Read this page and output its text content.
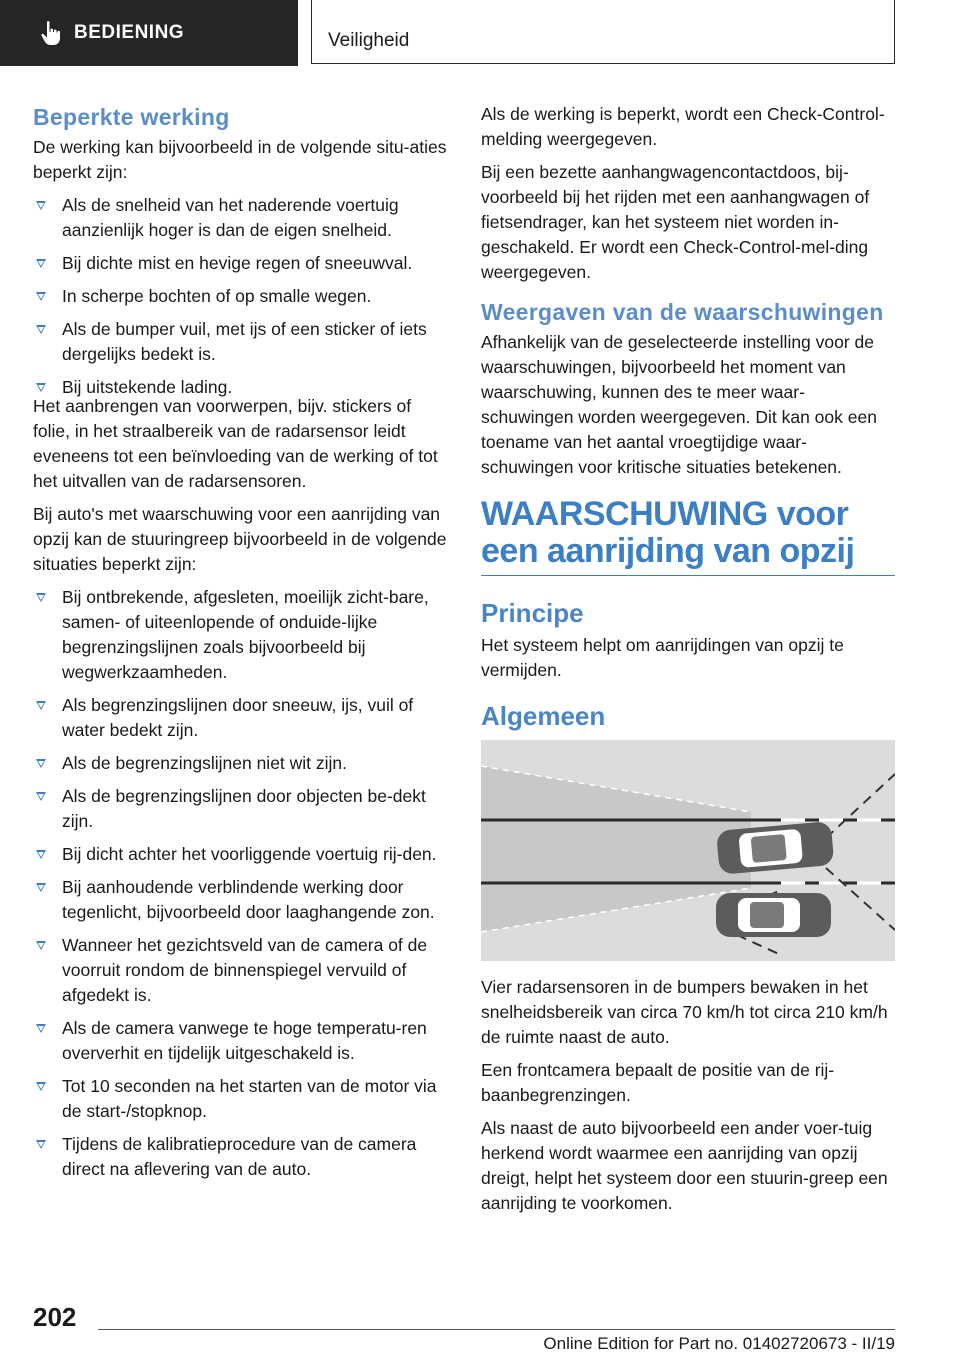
BEDIENING	Veiligheid
Beperkte werking

De werking kan bijvoorbeeld in de volgende situ-aties beperkt zijn:

Als de snelheid van het naderende voertuig aanzienlijk hoger is dan de eigen snelheid.
Bij dichte mist en hevige regen of sneeuwval.
In scherpe bochten of op smalle wegen.
Als de bumper vuil, met ijs of een sticker of iets dergelijks bedekt is.
Bij uitstekende lading.

Het aanbrengen van voorwerpen, bijv. stickers of folie, in het straalbereik van de radarsensor leidt eveneens tot een beïnvloeding van de werking of tot het uitvallen van de radarsensoren.

Bij auto's met waarschuwing voor een aanrijding van opzij kan de stuuringreep bijvoorbeeld in de volgende situaties beperkt zijn:

Bij ontbrekende, afgesleten, moeilijk zicht-bare, samen- of uiteenlopende of onduide-lijke begrenzingslijnen zoals bijvoorbeeld bij wegwerkzaamheden.
Als begrenzingslijnen door sneeuw, ijs, vuil of water bedekt zijn.
Als de begrenzingslijnen niet wit zijn.
Als de begrenzingslijnen door objecten be-dekt zijn.
Bij dicht achter het voorliggende voertuig rij-den.
Bij aanhoudende verblindende werking door tegenlicht, bijvoorbeeld door laaghangende zon.
Wanneer het gezichtsveld van de camera of de voorruit rondom de binnenspiegel vervuild of afgedekt is.
Als de camera vanwege te hoge temperatu-ren oververhit en tijdelijk uitgeschakeld is.
Tot 10 seconden na het starten van de motor via de start-/stopknop.
Tijdens de kalibratieprocedure van de camera direct na aflevering van de auto.

Als de werking is beperkt, wordt een Check-Control-melding weergegeven.

Bij een bezette aanhangwagencontactdoos, bij-voorbeeld bij het rijden met een aanhangwagen of fietsendrager, kan het systeem niet worden in-geschakeld. Er wordt een Check-Control-mel-ding weergegeven.

Weergaven van de waarschuwingen

Afhankelijk van de geselecteerde instelling voor de waarschuwingen, bijvoorbeeld het moment van waarschuwing, kunnen des te meer waar-schuwingen worden weergegeven. Dit kan ook een toename van het aantal vroegtijdige waar-schuwingen voor kritische situaties betekenen.

WAARSCHUWING voor een aanrijding van opzij
Principe

Het systeem helpt om aanrijdingen van opzij te vermijden.

Algemeen

Vier radarsensoren in de bumpers bewaken in het snelheidsbereik van circa 70 km/h tot circa 210 km/h de ruimte naast de auto.

Een frontcamera bepaalt de positie van de rij-baanbegrenzingen.

Als naast de auto bijvoorbeeld een ander voer-tuig herkend wordt waarmee een aanrijding van opzij dreigt, helpt het systeem door een stuurin-greep een aanrijding te voorkomen.

202
Online Edition for Part no. 01402720673 - II/19
